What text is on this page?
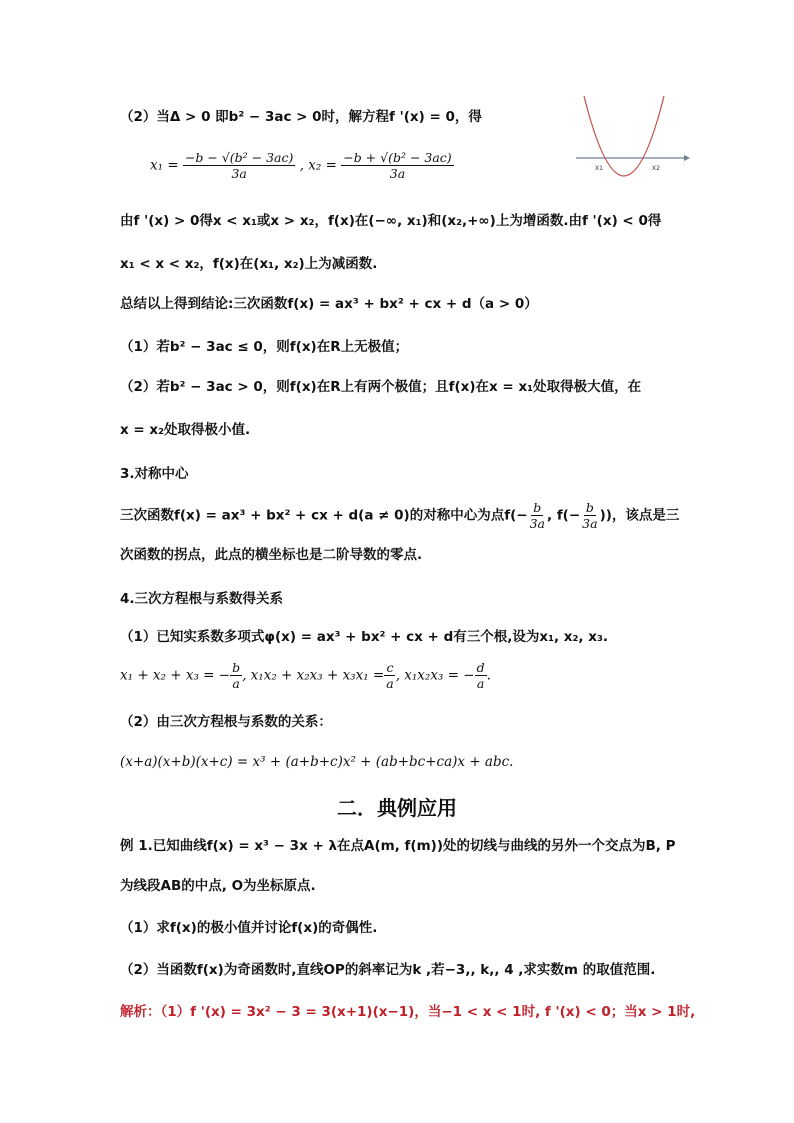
（2）当Δ > 0 即b² − 3ac > 0时，解方程f '(x) = 0，得
$x_1 = \frac{\text{−b − √(b² − 3ac)}}{3a}$ , $x_2 = \frac{\text{−b + √(b² − 3ac)}}{3a}$	X1	X2
由f '(x) > 0得x < x₁或x > x₂，f(x)在(−∞, x₁)和(x₂,+∞)上为增函数.由f '(x) < 0得
x₁ < x < x₂，f(x)在(x₁, x₂)上为减函数.
总结以上得到结论:三次函数f(x) = ax³ + bx² + cx + d（a > 0）
（1）若b² − 3ac ≤ 0，则f(x)在R上无极值；
（2）若b² − 3ac > 0，则f(x)在R上有两个极值；且f(x)在x = x₁处取得极大值，在
x = x₂处取得极小值.
3.对称中心
三次函数f(x) = ax³ + bx² + cx + d(a ≠ 0)的对称中心为点$f(- \frac{b}{3a}$ , $f(- \frac{b}{3a}$ ))，该点是三
次函数的拐点，此点的横坐标也是二阶导数的零点.
4.三次方程根与系数得关系
（1）已知实系数多项式φ(x) = ax³ + bx² + cx + d有三个根,设为x₁, x₂, x₃.
x₁ + x₂ + x₃ = − $\frac{b}{a}$ , $x_1x_2 + x_2x_3 + x_3x_1 = \frac{c}{a}$ , x₁x₂x₃ = − $\frac{d}{a}$ .
（2）由三次方程根与系数的关系：
(x+a)(x+b)(x+c) = x³ + (a+b+c)x² + (ab+bc+ca)x + abc.
二．典例应用
例 1.已知曲线f(x) = x³ − 3x + λ在点A(m, f(m))处的切线与曲线的另外一个交点为B, P
为线段AB的中点, O为坐标原点.
（1）求f(x)的极小值并讨论f(x)的奇偶性.
（2）当函数f(x)为奇函数时,直线OP的斜率记为k ,若−3,, k,, 4 ,求实数m 的取值范围.
解析：（1）f '(x) = 3x² − 3 = 3(x+1)(x−1)，当−1 < x < 1时, f '(x) < 0；当x > 1时,
